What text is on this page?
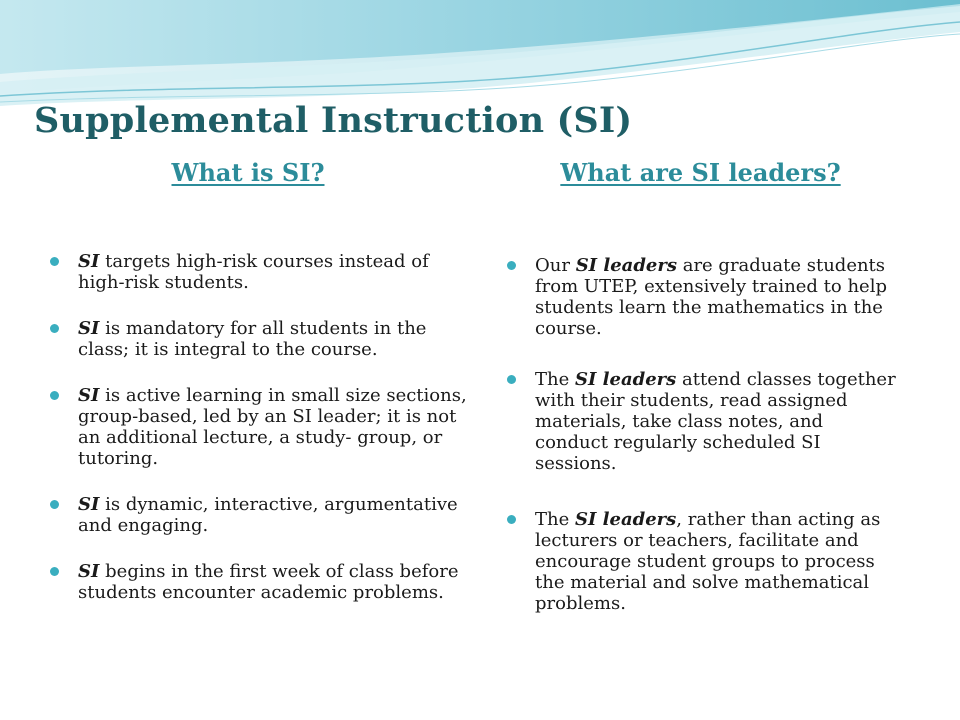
Supplemental Instruction (SI)
What is SI?
SI targets high-risk courses instead of high-risk students.
SI is mandatory for all students in the class; it is integral to the course.
SI is active learning in small size sections, group-based, led by an SI leader; it is not an additional lecture, a study- group, or tutoring.
SI is dynamic, interactive, argumentative and engaging.
SI begins in the first week of class before students encounter academic problems.
What are SI leaders?
Our SI leaders are graduate students from UTEP, extensively trained to help students learn the mathematics in the course.
The SI leaders attend classes together with their students, read assigned materials, take class notes, and conduct regularly scheduled SI sessions.
The SI leaders, rather than acting as lecturers or teachers, facilitate and encourage student groups to process the material and solve mathematical problems.
